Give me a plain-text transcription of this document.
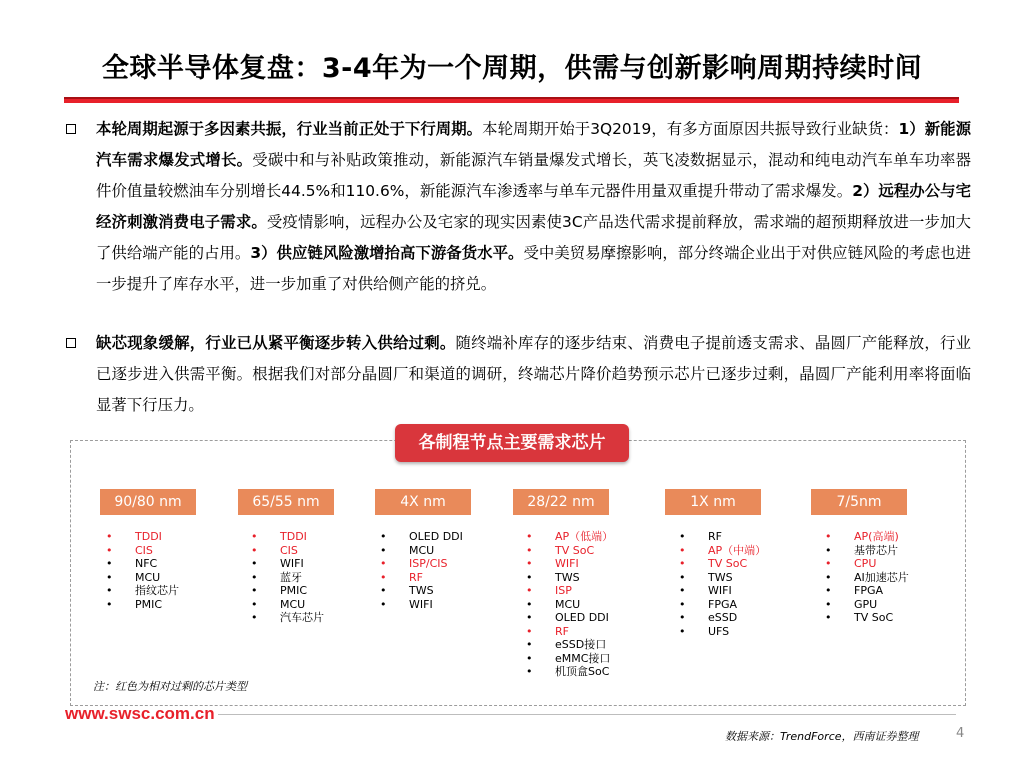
全球半导体复盘：3-4年为一个周期，供需与创新影响周期持续时间
本轮周期起源于多因素共振，行业当前正处于下行周期。本轮周期开始于3Q2019，有多方面原因共振导致行业缺货：1）新能源汽车需求爆发式增长。受碳中和与补贴政策推动，新能源汽车销量爆发式增长，英飞凌数据显示，混动和纯电动汽车单车功率器件价值量较燃油车分别增长44.5%和110.6%，新能源汽车渗透率与单车元器件用量双重提升带动了需求爆发。2）远程办公与宅经济刺激消费电子需求。受疫情影响，远程办公及宅家的现实因素使3C产品迭代需求提前释放，需求端的超预期释放进一步加大了供给端产能的占用。3）供应链风险激增抬高下游备货水平。受中美贸易摩擦影响，部分终端企业出于对供应链风险的考虑也进一步提升了库存水平，进一步加重了对供给侧产能的挤兑。
缺芯现象缓解，行业已从紧平衡逐步转入供给过剩。随终端补库存的逐步结束、消费电子提前透支需求、晶圆厂产能释放，行业已逐步进入供需平衡。根据我们对部分晶圆厂和渠道的调研，终端芯片降价趋势预示芯片已逐步过剩，晶圆厂产能利用率将面临显著下行压力。
各制程节点主要需求芯片
90/80 nm	65/55 nm	4X nm	28/22 nm	1X nm	7/5nm
• TDDI
• CIS
• NFC
• MCU
• 指纹芯片
• PMIC
• TDDI
• CIS
• WIFI
• 蓝牙
• PMIC
• MCU
• 汽车芯片
• OLED DDI
• MCU
• ISP/CIS
• RF
• TWS
• WIFI
• AP（低端）
• TV SoC
• WIFI
• TWS
• ISP
• MCU
• OLED DDI
• RF
• eSSD接口
• eMMC接口
• 机顶盒SoC
• RF
• AP（中端）
• TV SoC
• TWS
• WIFI
• FPGA
• eSSD
• UFS
• AP(高端)
• 基带芯片
• CPU
• AI加速芯片
• FPGA
• GPU
• TV SoC
注：红色为相对过剩的芯片类型
www.swsc.com.cn
数据来源：TrendForce，西南证券整理	4
